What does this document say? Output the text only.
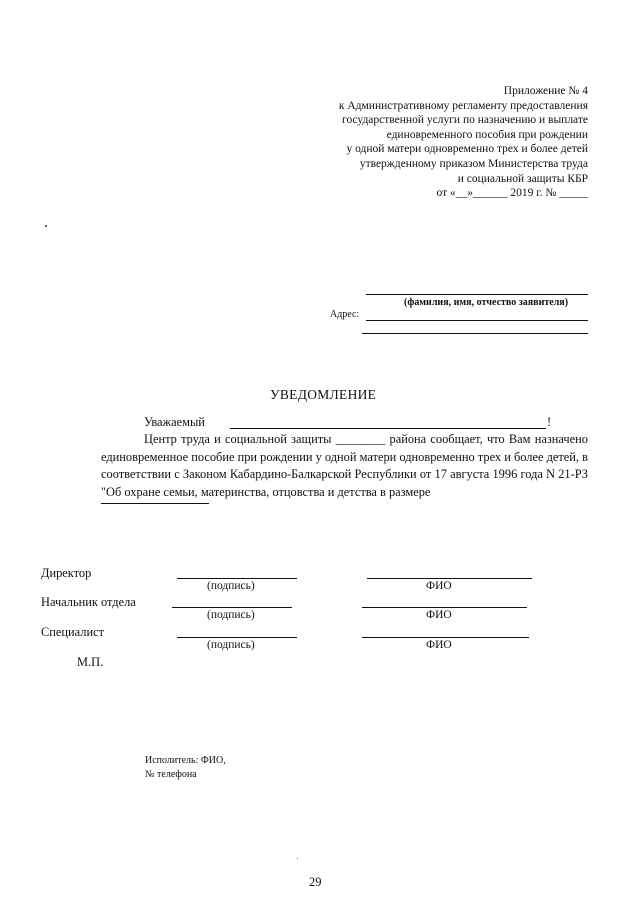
Приложение № 4
к Административному регламенту предоставления
государственной услуги по назначению и выплате
единовременного пособия при рождении
у одной матери одновременно трех и более детей
утвержденному приказом Министерства труда
и социальной защиты КБР
от «__»______ 2019 г. № _____
(фамилия, имя, отчество заявителя)
Адрес:
УВЕДОМЛЕНИЕ
Уважаемый	!

Центр труда и социальной защиты ________ района сообщает, что Вам назначено единовременное пособие при рождении у одной матери одновременно трех и более детей, в соответствии с Законом Кабардино-Балкарской Республики от 17 августа 1996 года N 21-РЗ "Об охране семьи, материнства, отцовства и детства в размере

Директор
(подпись)	ФИО
Начальник отдела
(подпись)	ФИО
Специалист
(подпись)	ФИО
М.П.
Исполитель: ФИО,
№ телефона
29
